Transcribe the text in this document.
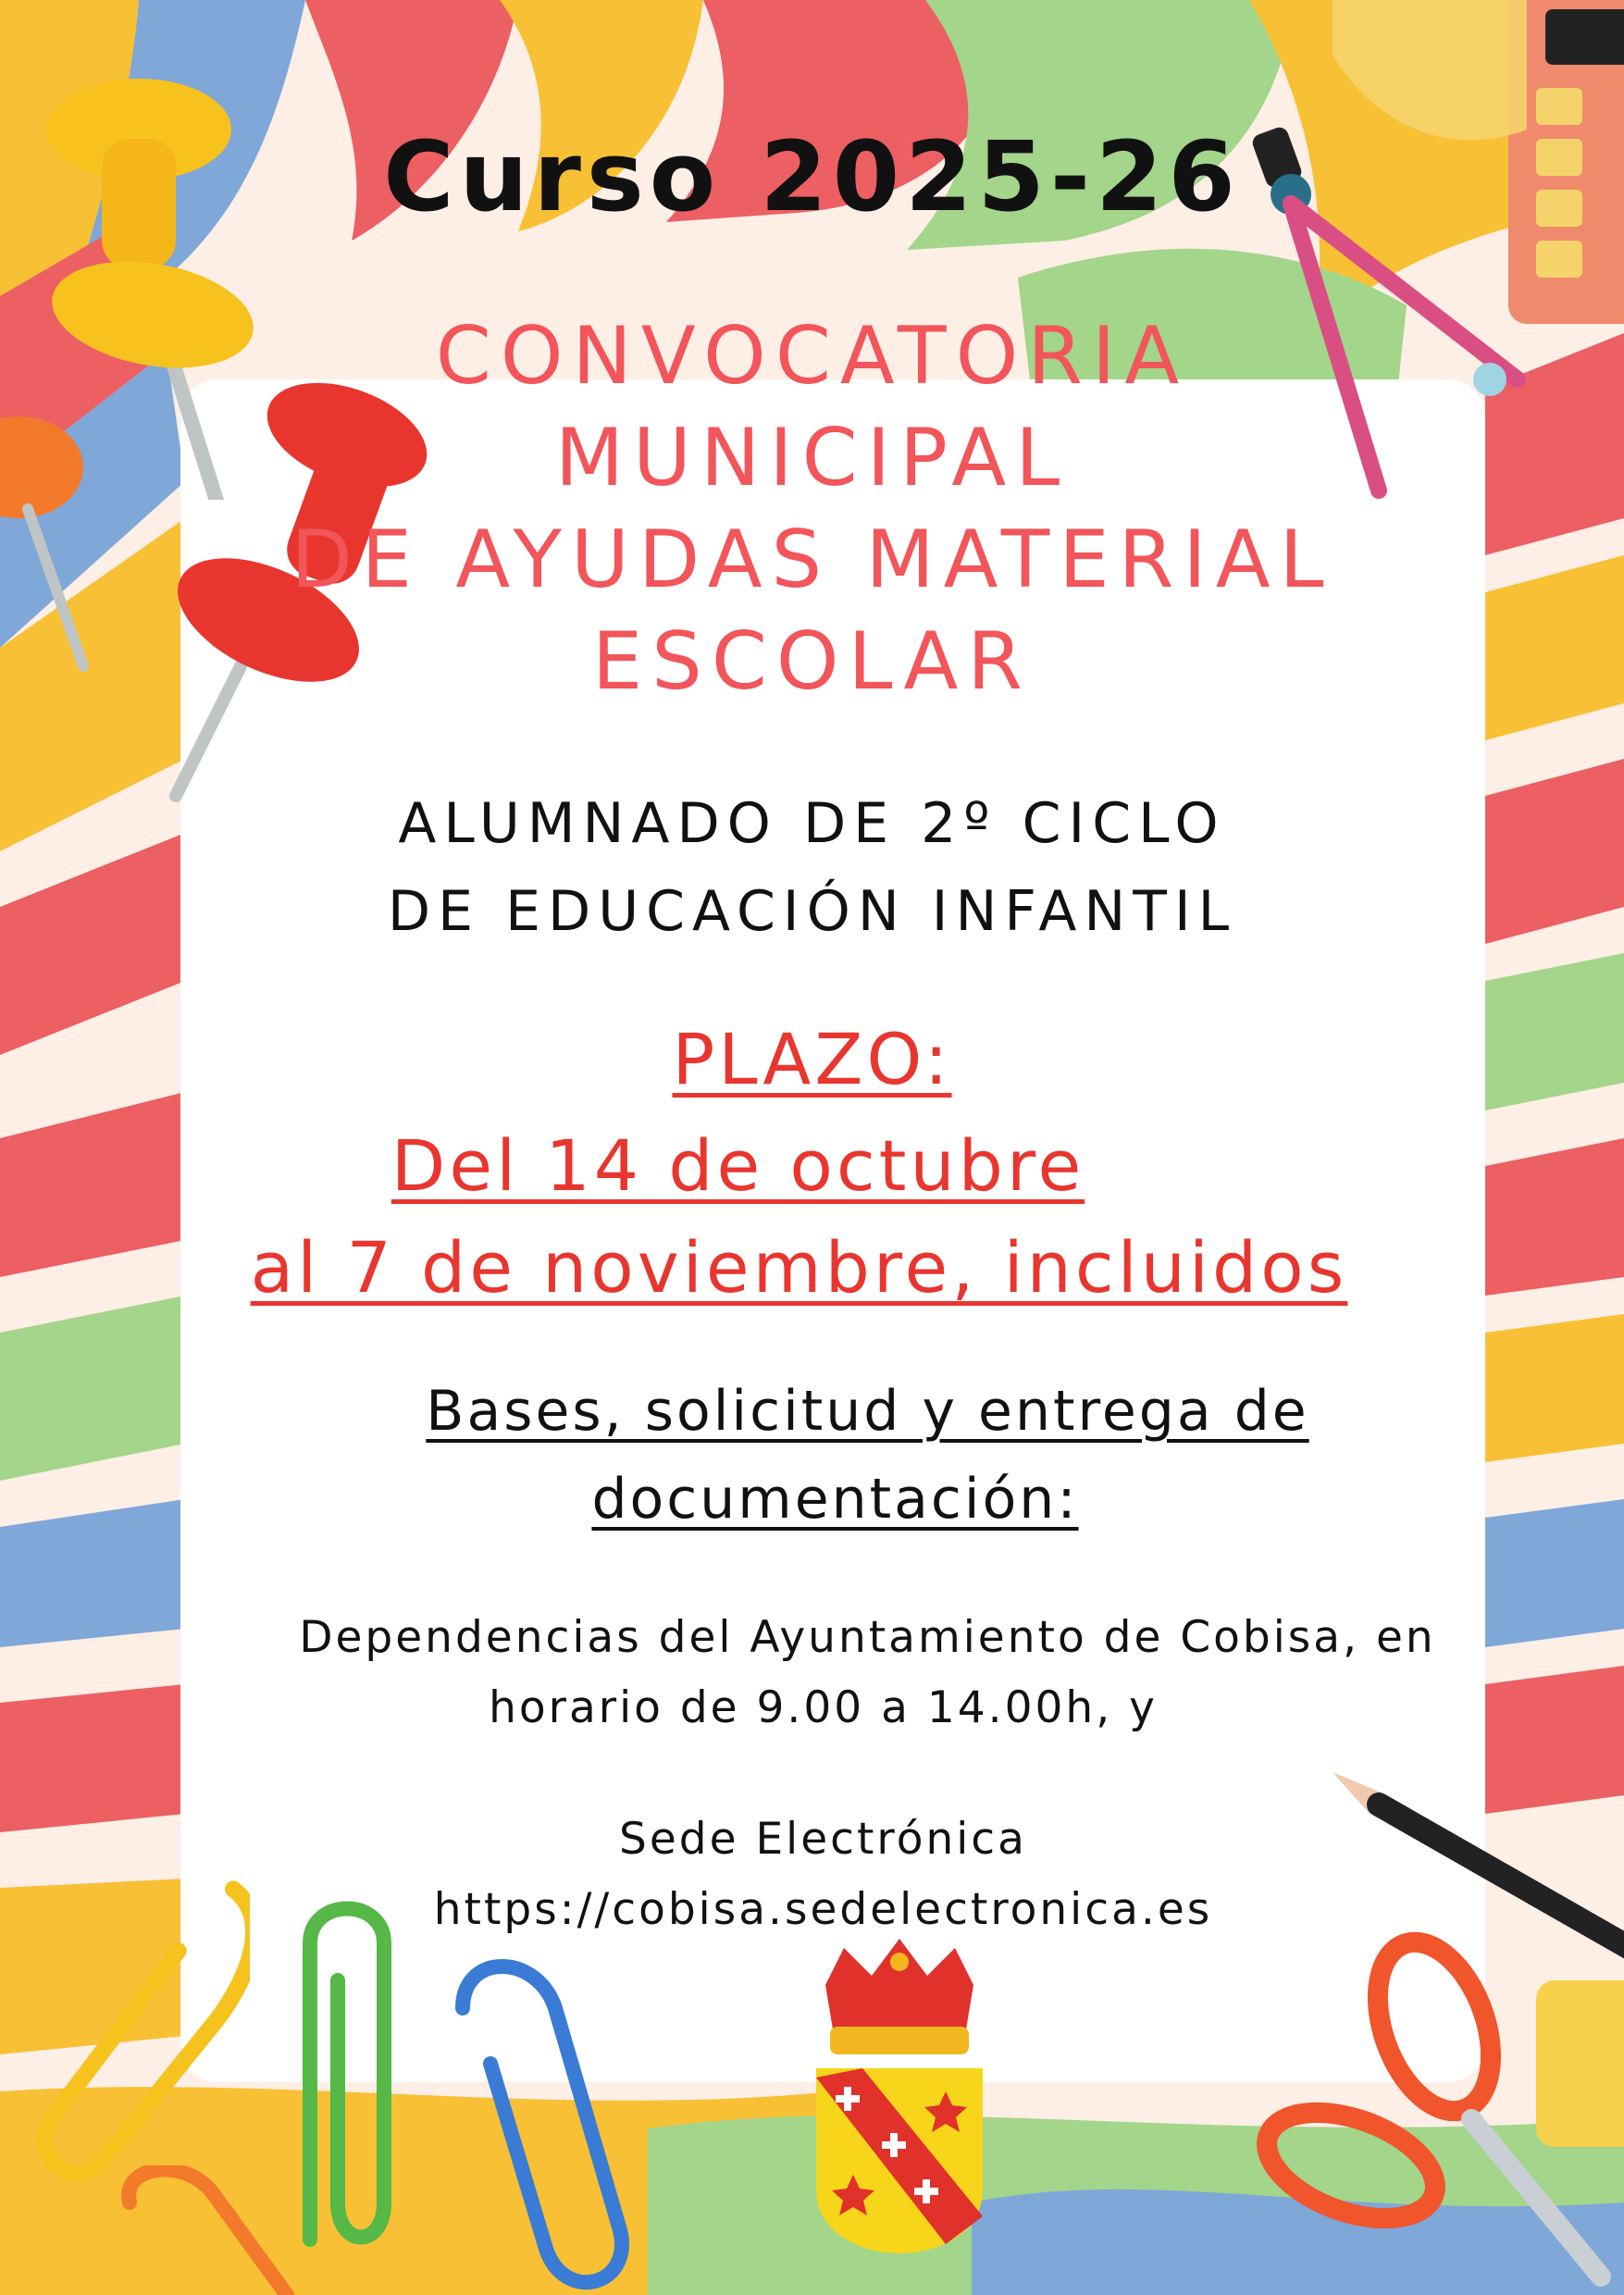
Curso 2025-26
CONVOCATORIA
MUNICIPAL
DE AYUDAS MATERIAL
ESCOLAR
ALUMNADO DE 2º CICLO
DE EDUCACIÓN INFANTIL
PLAZO:
Del 14 de octubre
al 7 de noviembre, incluidos
Bases, solicitud y entrega de
documentación:
Dependencias del Ayuntamiento de Cobisa, en
horario de 9.00 a 14.00h, y
Sede Electrónica
https://cobisa.sedelectronica.es
